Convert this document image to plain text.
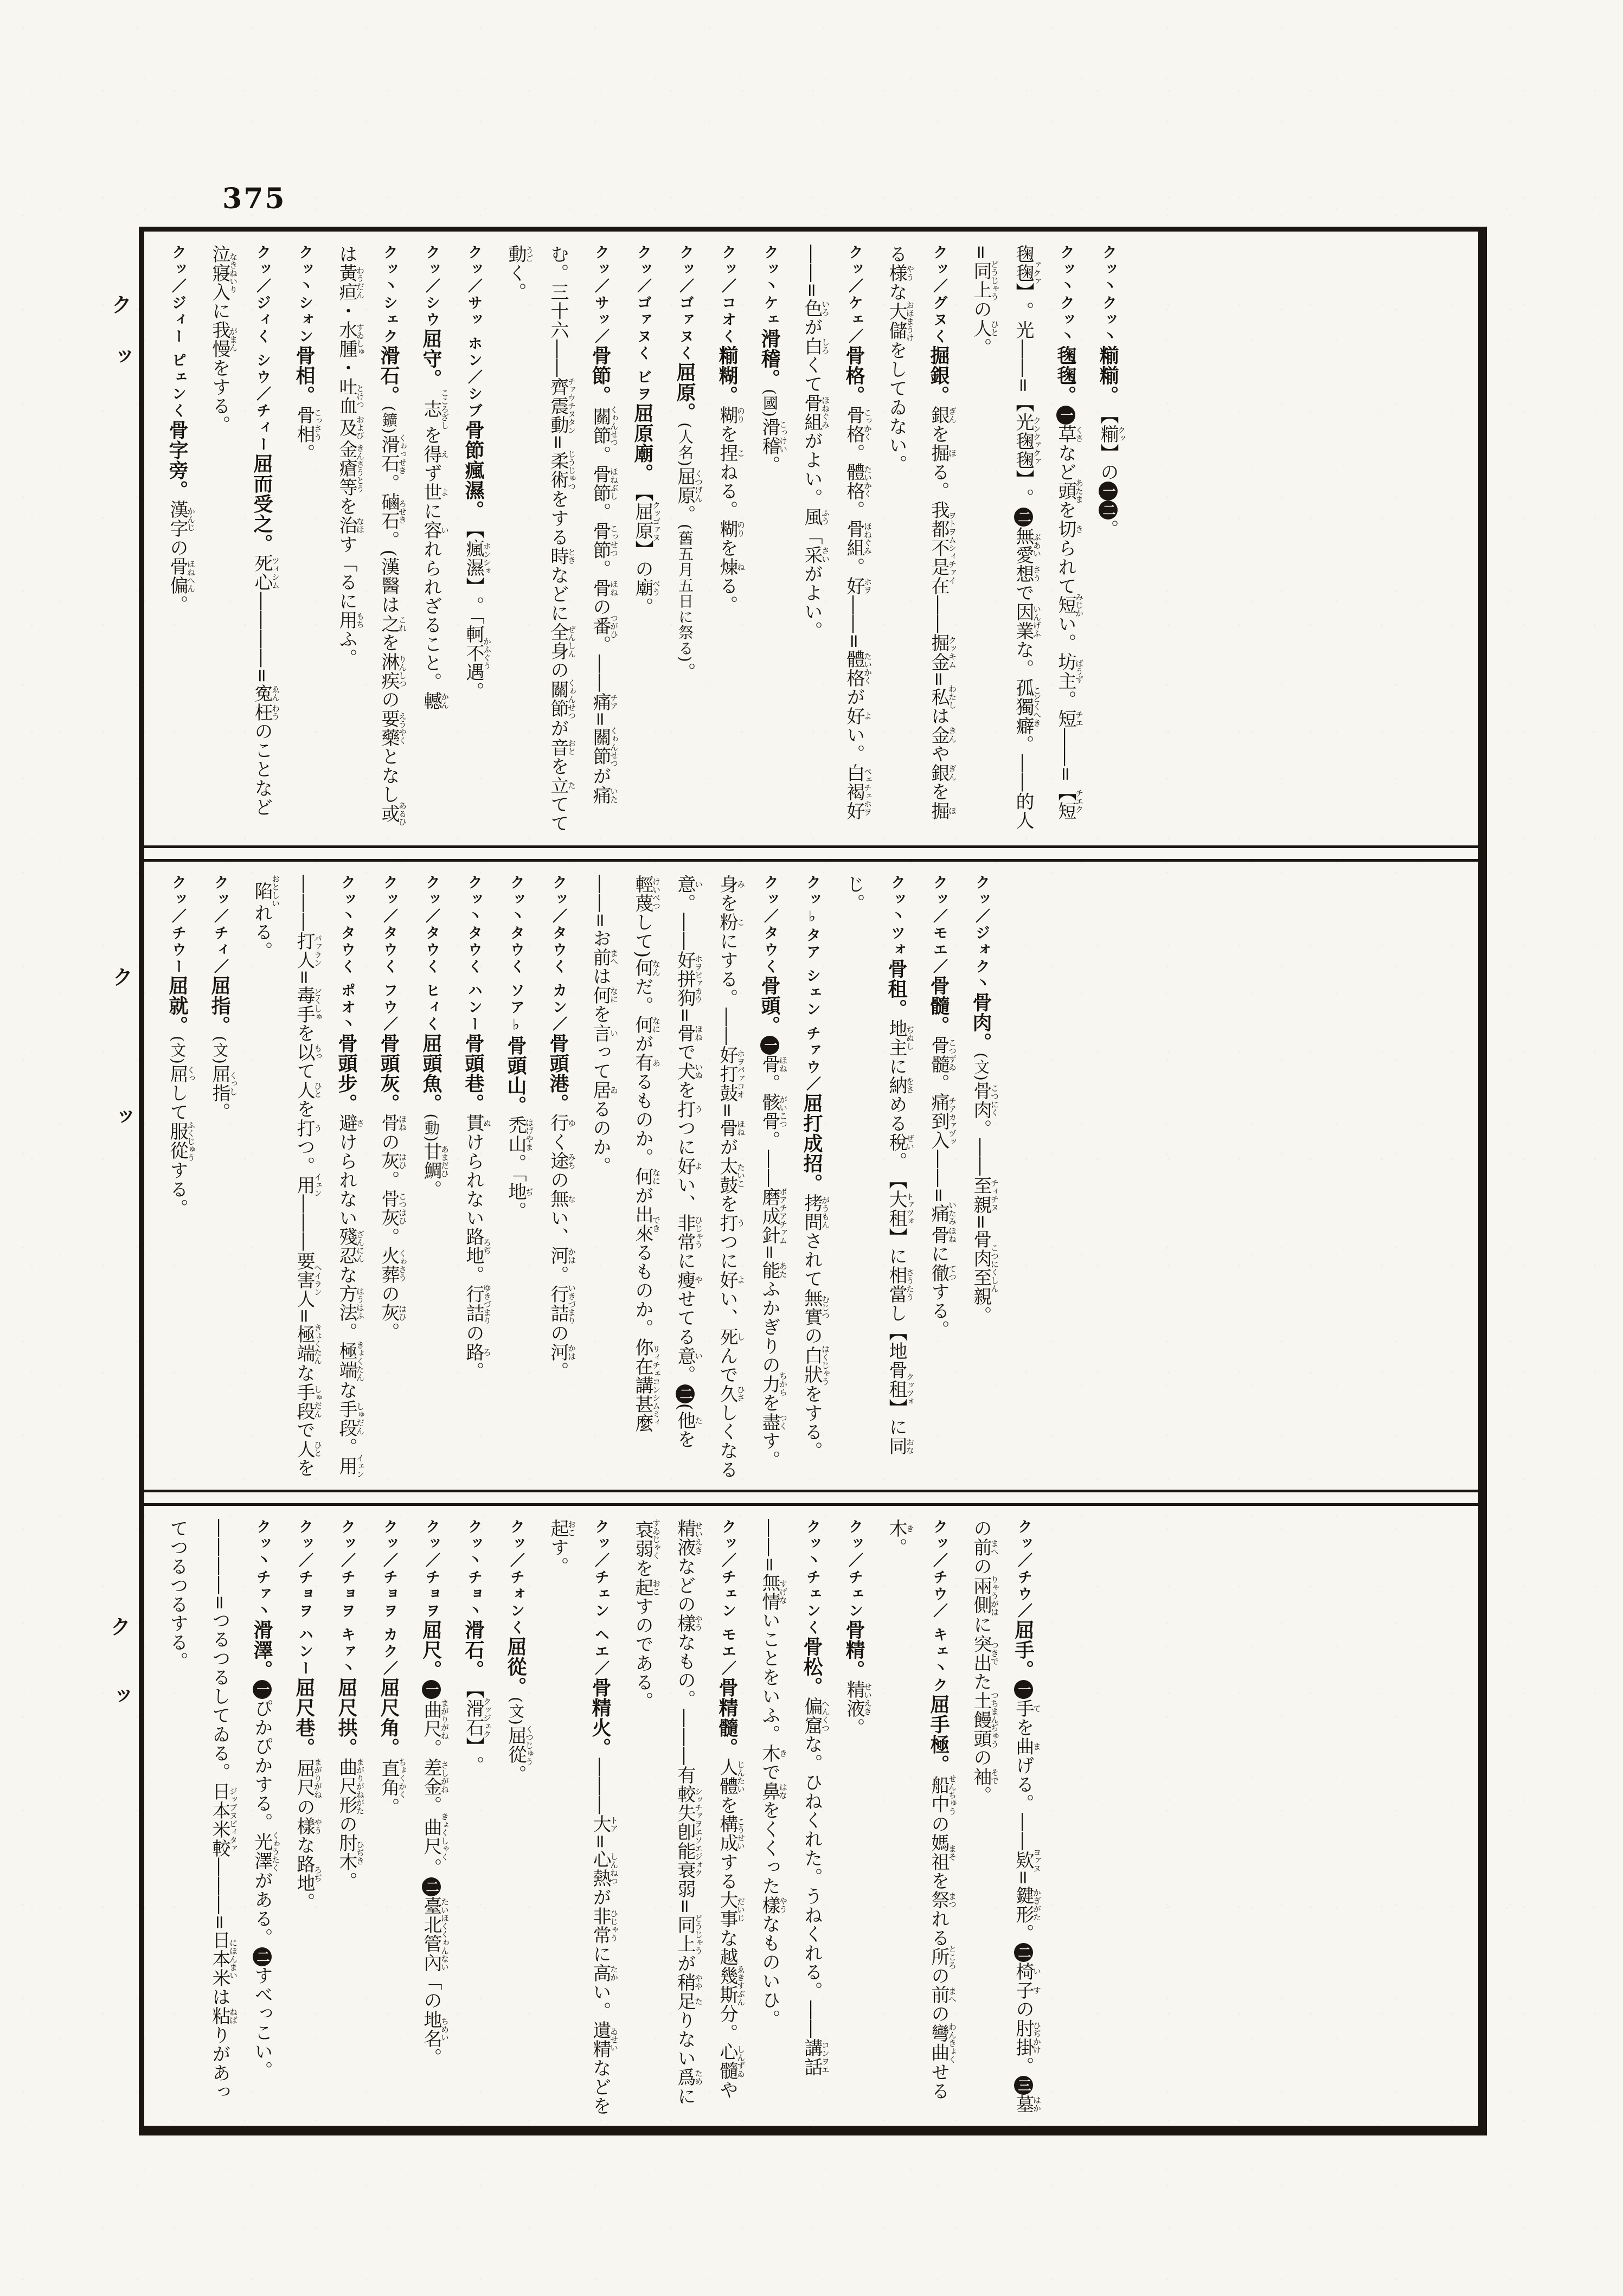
375
クッ
クッ
クッ
クッ丶クッ丶糋糋。【糋】クッの一二。
クッ丶クッ丶毱毱。一草くさなど頭あたまを切きられて短みじかい。坊主ばうず。短チエ――=【短毱毱】チエクァクァ。光――=【光毱毱】クンクァクァ。二無愛ぶあい想さうで因業いんげふな。孤獨癖こどくへき。――的人=同上どうじゃうの人ひと。
クッ／グヌく掘銀。銀ぎんを掘ほる。我都不是在ヲトヲムシィチァイ――掘金クッキム=私わたしは金きんや銀ぎんを掘ほる様やうな大儲おほまうけをしてゐない。
クッ／ケェ／骨格。骨格こっかく。體格たいかく。骨組ほねぐみ。好ホヲ――=體格たいかくが好よい。白褐好ペェチェホヲ――=色いろが白しろくて骨組ほねぐみがよい。風ふう「采さいがよい。
クッ丶ケェ滑稽。(國)滑稽こっけい。
クッ／コオく糋糊。糊のりを捏こねる。糊のりを煉ねる。
クッ／ゴァヌく屈原。(人名)屈原くつげん。(舊五月五日に祭る)。
クッ／ゴァヌく ビヲ屈原廟。【屈原】クッゴァヌの廟べう。
クッ／サッ／骨節。關節くゎんせつ。骨節ほねぶし。骨節こっせつ。骨ほねの番つがひ。――痛チア=關節くゎんせつが痛いたむ。三十六――齊震動チァウチヌタン=柔術じうじゅつをする時ときなどに全身ぜんしんの關節くゎんせつが音おとを立たてて動うごく。
クッ／サッ ホン／シブ骨節瘋濕。【瘋濕】ホンシォ。「軻不遇かふぐう。
クッ／シウ屈守。志こころざしを得えず世よに容いれられざること。轗かん
クッ丶シェク滑石。(鑛)滑石くゎっせき。磠石ろせき。(漢醫は之これを淋疾りんしつの要藥えうやくとなし或あるひは黃疸わうだん・水腫すゐしゅ・吐血とけつ及および金瘡等きんさうとうを治なほす「るに用もちふ。
クッ丶シォン骨相。骨相こっさう。
クッ／ジィく シウ／チィー屈而受之。死心ツィシム――――=寃ゑん枉わうのことなど泣寢入なきねいりに我慢がまんをする。
クッ／ジィー ピェンく骨字旁。漢字かんじの骨偏ほねへん。
クッ／ジォク丶骨肉。(文)骨肉こつにく。――至親チィチヌ=骨肉至親こつにくしん。
クッ／モエ／骨髓。骨髓こつずゐ。痛到入チアカァヅッ――=痛いたみ骨ほねに徹てつする。
クッ丶ツォ骨租。地主ぢぬしに納をさめる稅ぜい。【大租】トァツォに相當さうたうし【地骨租】クッツォに同おなじ。
クッ♭タア シェン チァウ／屈打成招。拷問がうもんされて無實むじつの白狀はくじゃうをする。
クッ／タウく骨頭。一骨ほね。骸骨がいこつ。――磨成針ボアチアチァム=能あたふかぎりの力ちからを盡つくす。身みを粉こにする。――好打鼓ホヲパァコオ=骨ほねが太鼓たいこを打うつに好よい、死しんで久ひさしくなる意い。――好拼狗ホヲピァカウ=骨ほねで犬いぬを打うつに好よい、非常ひじゃうに瘦やせてる意い。二(他たを輕蔑けいべつして)何なんだ。何なにが有あるものか。何なにが出來できるものか。你在講甚麼リィチェコンシムミィ――=お前まへは何なにを言いって居ゐるのか。
クッ／タウく カン／骨頭港。行ゆく途みちの無ない、河かは。行詰いきづまりの河かは。
クッ丶タウく ソア♭骨頭山。禿山はげやま。「地ぢ。
クッ丶タウく ハンー骨頭巷。貫ぬけられない路地ろぢ。行詰ゆきづまりの路ろ。
クッ／タウく ヒィく屈頭魚。(動)甘鯛あまだひ。
クッ／タウく フウ／骨頭灰。骨ほねの灰はひ。骨灰こつはひ。火葬くゎさうの灰はひ。
クッ丶タウく ポオ丶骨頭步。避さけられない殘忍ざんにんな方法はうはふ。極端きょくたんな手段しゅだん。用イェン―――打人パァラン=毒手どくしゅを以もって人ひとを打うつ。用イェン―――要害人ヘイラン=極端きょくたんな手段しゅだんで人ひとを陷おとしいれる。
クッ／チィ／屈指。(文)屈指くっし。
クッ／チウー屈就。(文)屈くっして服從ふくじゅうする。
クッ／チウ／屈手。一手てを曲まげる。――欵ヨァヌ=鍵形かぎがた。二椅い子すの肘掛ひぢかけ。三墓はかの前まへの兩側りゃうがはに突出つきでた土饅頭つちまんぢゅうの袖そで。
クッ／チウ／ キェ丶ク屈手極。船中せんちゅうの媽祖まそを祭まつれる所ところの前まへの彎曲わんきょくせる木き。
クッ／チェン骨精。精液せいえき。
クッ丶チェンく骨松。偏窟へんくつな。ひねくれた。うねくれる。――講話コンヲエ――=無情すげないことをいふ。木きで鼻はなをくくった樣やうなものいひ。
クッ／チェン モエ／骨精髓。人體じんたいを構成こうせいする大事だいじな越幾斯分ゑきすぶん。心髓しんずゐや精液せいえきなどの樣やうなもの。―――有較失卽能衰弱シッチァヲエソエジォク=同上どうじゃうが稍やや足たりない爲ために衰弱すゐじゃくを起おこすのである。
クッ／チェン ヘエ／骨精火。―――大トア=心熱しんねつが非常ひじゃうに高たかい。遺精ゐせいなどを起おこす。
クッ／チォンく屈從。(文)屈從くつじゅう。
クッ丶チョ丶滑石。【滑石】クッジェク。
クッ／チョヲ屈尺。一曲尺まがりがね。差金さしがね。曲尺きょくしゃく。二臺北管內たいほくくゎんない「の地名ちめい。
クッ／チョヲ カク／屈尺角。直角ちょくかく。
クッ／チョヲ キァ丶屈尺拱。曲尺形まがりがねがたの肘木ひぢき。
クッ／チョヲ ハンー屈尺巷。屈尺まがりがねの樣やうな路地ろぢ。
クッ丶チァ丶滑澤。一ぴかぴかする。光澤くゎうたくがある。二すべっこい。――――=つるつるしてゐる。日本米較ジッブヌビィタァ―――=日本米にほんまいは粘ねばりがあってつるつるする。
